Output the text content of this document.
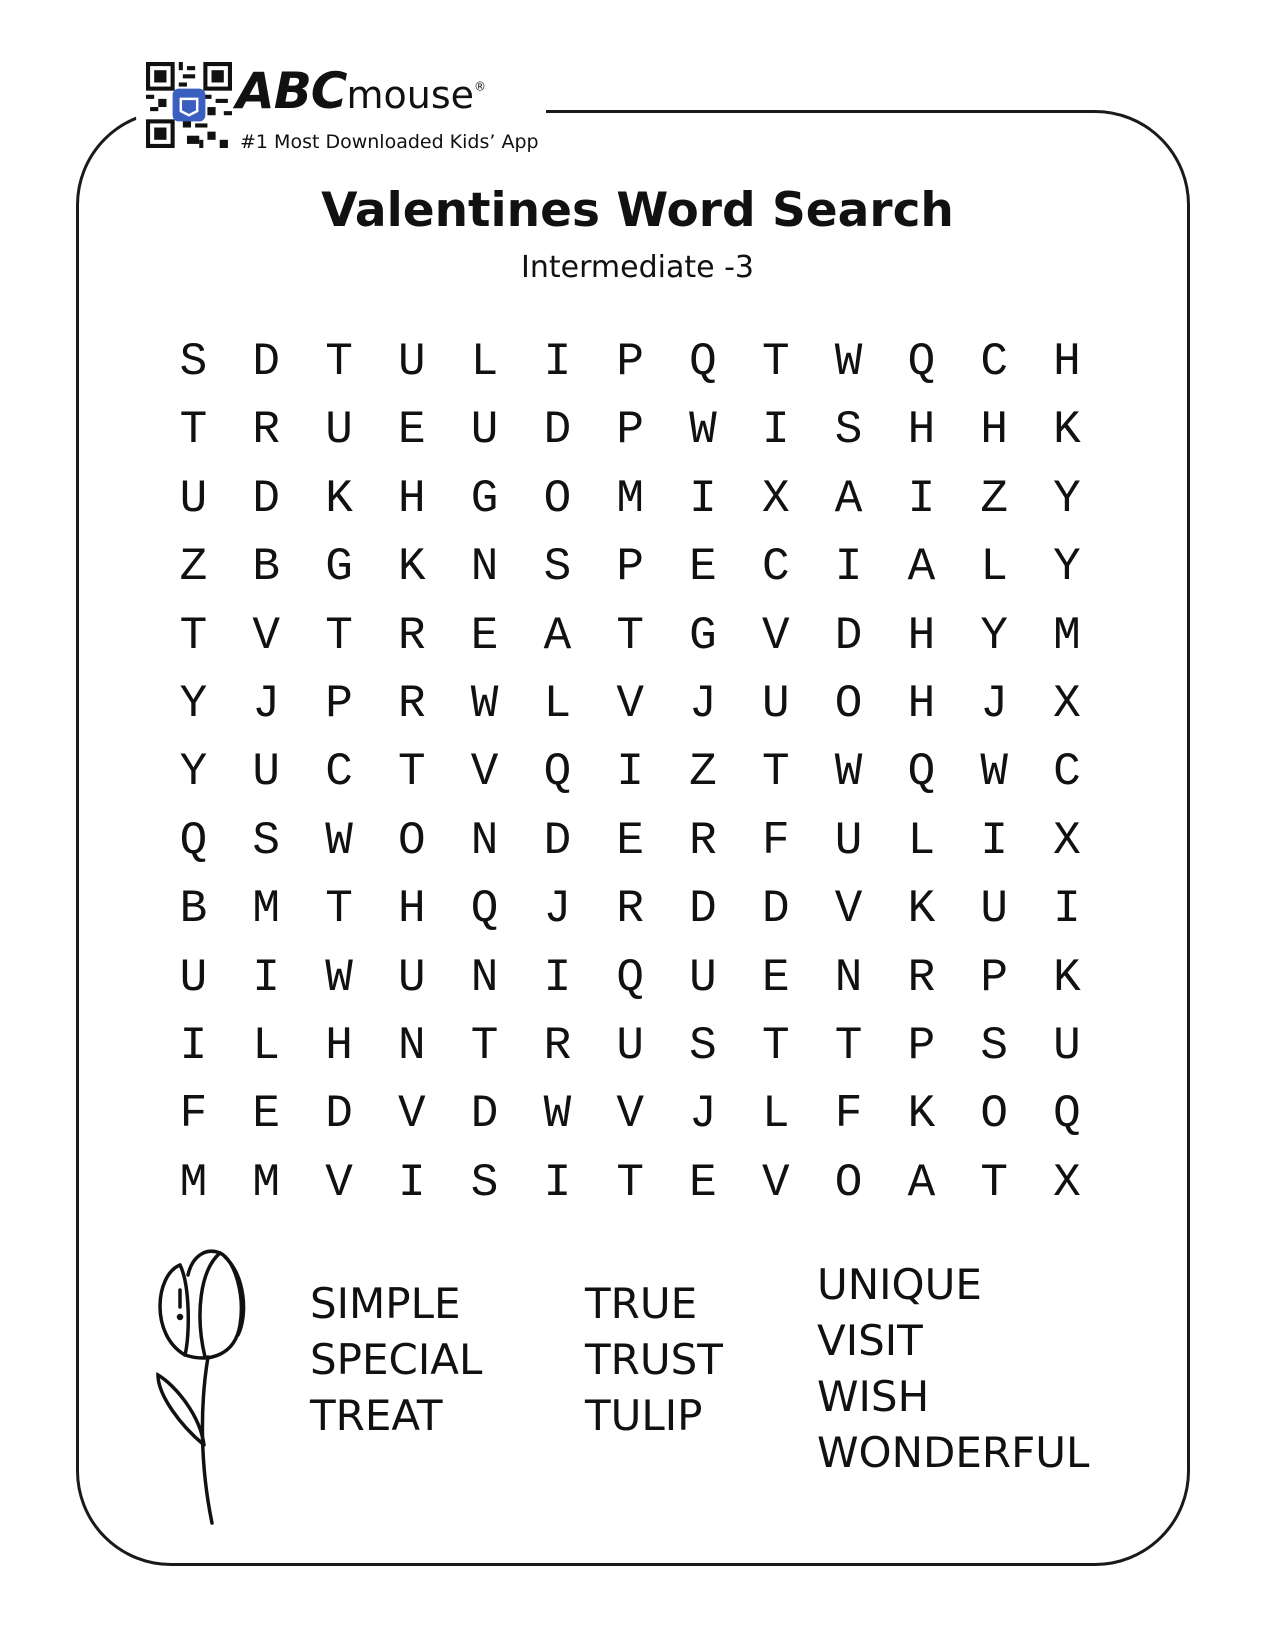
ABCmouse®
#1 Most Downloaded Kids’ App
Valentines Word Search
Intermediate -3
S D T U L I P Q T W Q C H
T R U E U D P W I S H H K
U D K H G O M I X A I Z Y
Z B G K N S P E C I A L Y
T V T R E A T G V D H Y M
Y J P R W L V J U O H J X
Y U C T V Q I Z T W Q W C
Q S W O N D E R F U L I X
B M T H Q J R D D V K U I
U I W U N I Q U E N R P K
I L H N T R U S T T P S U
F E D V D W V J L F K O Q
M M V I S I T E V O A T X
SIMPLE
SPECIAL
TREAT
TRUE
TRUST
TULIP
UNIQUE
VISIT
WISH
WONDERFUL
